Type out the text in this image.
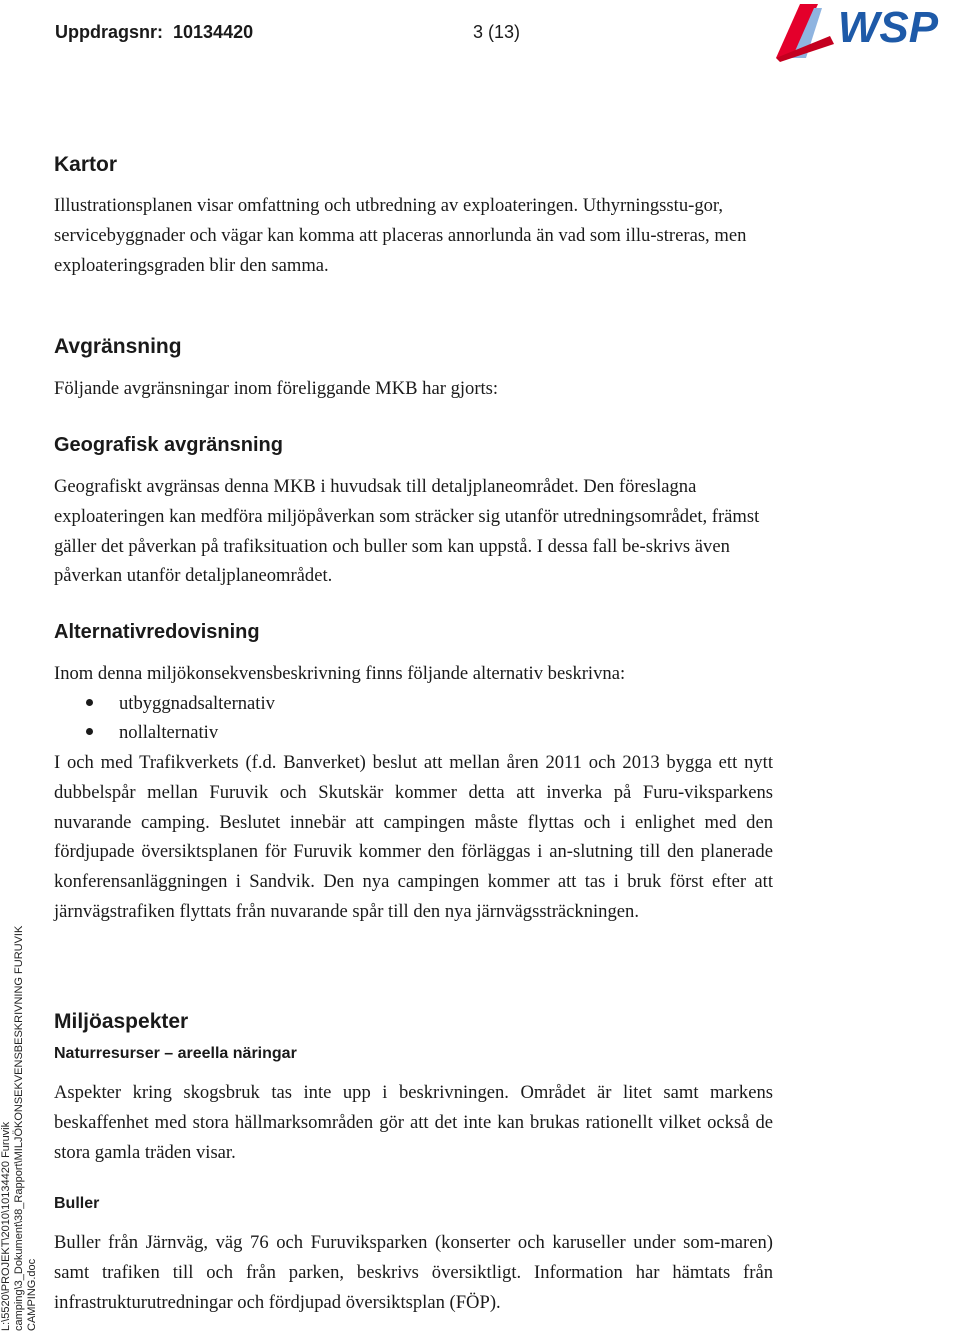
Uppdragsnr: 10134420	3 (13)	WSP
Kartor

Illustrationsplanen visar omfattning och utbredning av exploateringen. Uthyrningsstu-gor, servicebyggnader och vägar kan komma att placeras annorlunda än vad som illu-streras, men exploateringsgraden blir den samma.

Avgränsning

Följande avgränsningar inom föreliggande MKB har gjorts:

Geografisk avgränsning

Geografiskt avgränsas denna MKB i huvudsak till detaljplaneområdet. Den föreslagna exploateringen kan medföra miljöpåverkan som sträcker sig utanför utredningsområdet, främst gäller det påverkan på trafiksituation och buller som kan uppstå. I dessa fall be-skrivs även påverkan utanför detaljplaneområdet.

Alternativredovisning

Inom denna miljökonsekvensbeskrivning finns följande alternativ beskrivna:

utbyggnadsalternativ
nollalternativ

I och med Trafikverkets (f.d. Banverket) beslut att mellan åren 2011 och 2013 bygga ett nytt dubbelspår mellan Furuvik och Skutskär kommer detta att inverka på Furu-viksparkens nuvarande camping. Beslutet innebär att campingen måste flyttas och i enlighet med den fördjupade översiktsplanen för Furuvik kommer den förläggas i an-slutning till den planerade konferensanläggningen i Sandvik. Den nya campingen kommer att tas i bruk först efter att järnvägstrafiken flyttats från nuvarande spår till den nya järnvägssträckningen.

Miljöaspekter
Naturresurser – areella näringar

Aspekter kring skogsbruk tas inte upp i beskrivningen. Området är litet samt markens beskaffenhet med stora hällmarksområden gör att det inte kan brukas rationellt vilket också de stora gamla träden visar.

Buller

Buller från Järnväg, väg 76 och Furuviksparken (konserter och karuseller under som-maren) samt trafiken till och från parken, beskrivs översiktligt. Information har hämtats från infrastrukturutredningar och fördjupad översiktsplan (FÖP).

L:\5520\PROJEKT\2010\10134420 Furuvik camping\3_Dokument\38_Rapport\MILJÖKONSEKVENSBESKRIVNING FURUVIK CAMPING.doc
